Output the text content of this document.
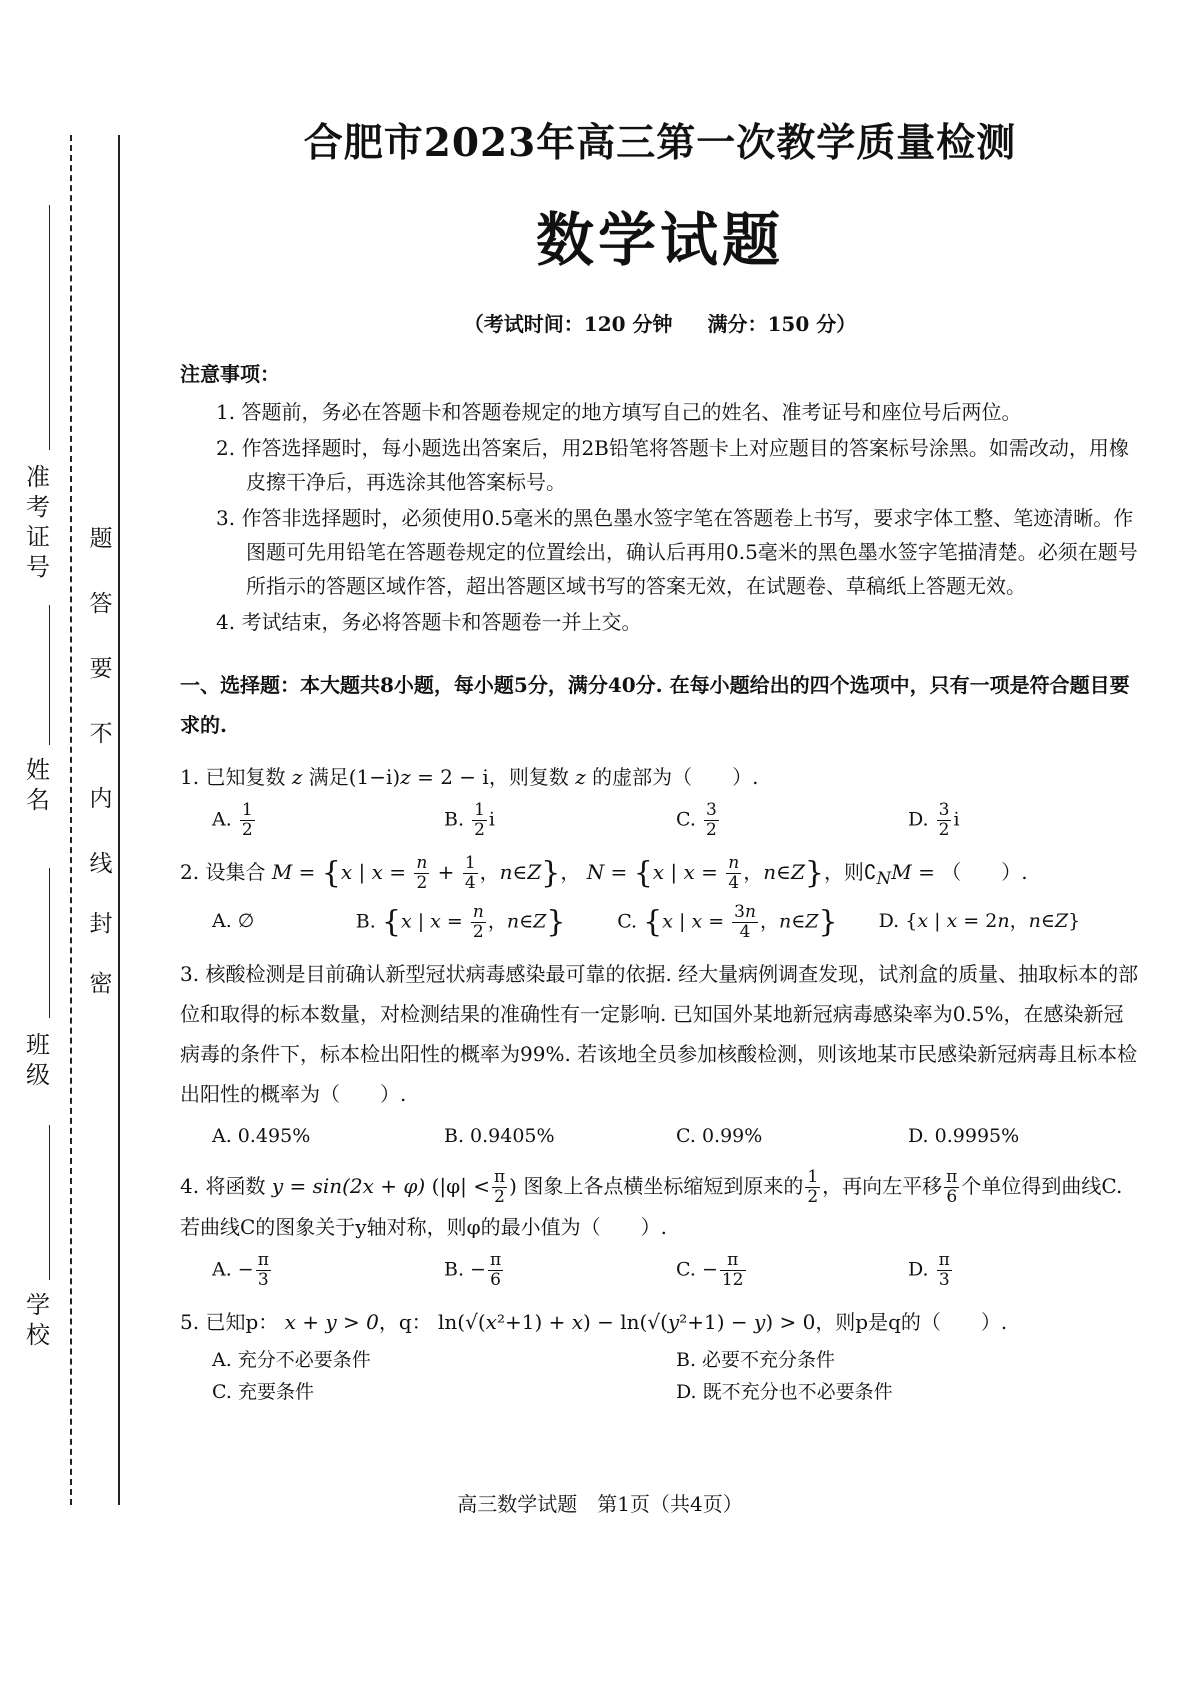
准考证号
姓名
班级
学校
题
答
要
不
内
线
封
密
合肥市2023年高三第一次教学质量检测
数学试题
（考试时间：120 分钟 满分：150 分）
注意事项：
1. 答题前，务必在答题卡和答题卷规定的地方填写自己的姓名、准考证号和座位号后两位。
2. 作答选择题时，每小题选出答案后，用2B铅笔将答题卡上对应题目的答案标号涂黑。如需改动，用橡皮擦干净后，再选涂其他答案标号。
3. 作答非选择题时，必须使用0.5毫米的黑色墨水签字笔在答题卷上书写，要求字体工整、笔迹清晰。作图题可先用铅笔在答题卷规定的位置绘出，确认后再用0.5毫米的黑色墨水签字笔描清楚。必须在题号所指示的答题区域作答，超出答题区域书写的答案无效，在试题卷、草稿纸上答题无效。
4. 考试结束，务必将答题卡和答题卷一并上交。
一、选择题：本大题共8小题，每小题5分，满分40分. 在每小题给出的四个选项中，只有一项是符合题目要求的.
1. 已知复数 z 满足(1−i)z = 2 − i，则复数 z 的虚部为（　　）.
A. $\frac{1}{2}$	B. $\frac{1}{2}$ i	C. $\frac{3}{2}$	D. $\frac{3}{2}$ i
2. 设集合 M = {x | $x = \frac{n}{2} + \frac{1}{4}$ ，n∈Z}， N = {x | $x = \frac{n}{4}$ ，n∈Z}，则$∁_NM$ = （　　）.
A. ∅	B. {x | $x = \frac{n}{2}$ ，n∈Z}	C. {x | $x = \frac{3n}{4}$ ，n∈Z}	D. {x | x = 2n，n∈Z}
3. 核酸检测是目前确认新型冠状病毒感染最可靠的依据. 经大量病例调查发现，试剂盒的质量、抽取标本的部位和取得的标本数量，对检测结果的准确性有一定影响. 已知国外某地新冠病毒感染率为0.5%，在感染新冠病毒的条件下，标本检出阳性的概率为99%. 若该地全员参加核酸检测，则该地某市民感染新冠病毒且标本检出阳性的概率为（　　）.
A. 0.495%	B. 0.9405%	C. 0.99%	D. 0.9995%
4. 将函数 y = sin(2x + φ) ($|\varphi| < \frac{\pi}{2}$ ) 图象上各点横坐标缩短到原来的 $\frac{1}{2}$ ，再向左平移 $\frac{\pi}{6}$ 个单位得到曲线C. 若曲线C的图象关于y轴对称，则φ的最小值为（　　）.
A. − $\frac{\pi}{3}$	B. − $\frac{\pi}{6}$	C. − $\frac{\pi}{12}$	D. $\frac{\pi}{3}$
5. 已知p： x + y > 0，q： ln(√(x²+1) + x) − ln(√(y²+1) − y) > 0，则p是q的（　　）.
A. 充分不必要条件	B. 必要不充分条件
C. 充要条件	D. 既不充分也不必要条件
高三数学试题　第1页（共4页）
